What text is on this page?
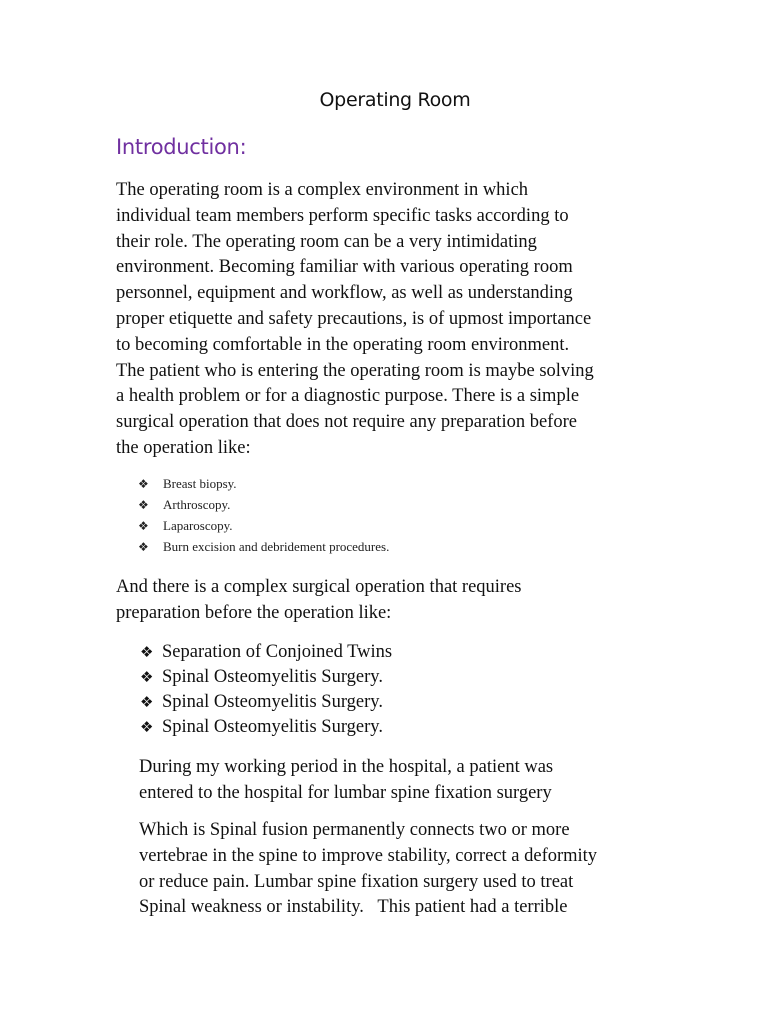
Operating Room
Introduction:

The operating room is a complex environment in which
individual team members perform specific tasks according to
their role. The operating room can be a very intimidating
environment. Becoming familiar with various operating room
personnel, equipment and workflow, as well as understanding
proper etiquette and safety precautions, is of upmost importance
to becoming comfortable in the operating room environment.
The patient who is entering the operating room is maybe solving
a health problem or for a diagnostic purpose. There is a simple
surgical operation that does not require any preparation before
the operation like:

❖ Breast biopsy.
❖ Arthroscopy.
❖ Laparoscopy.
❖ Burn excision and debridement procedures.

And there is a complex surgical operation that requires
preparation before the operation like:

❖ Separation of Conjoined Twins
❖ Spinal Osteomyelitis Surgery.
❖ Spinal Osteomyelitis Surgery.
❖ Spinal Osteomyelitis Surgery.

During my working period in the hospital, a patient was
entered to the hospital for lumbar spine fixation surgery

Which is Spinal fusion permanently connects two or more
vertebrae in the spine to improve stability, correct a deformity
or reduce pain. Lumbar spine fixation surgery used to treat
Spinal weakness or instability.   This patient had a terrible
